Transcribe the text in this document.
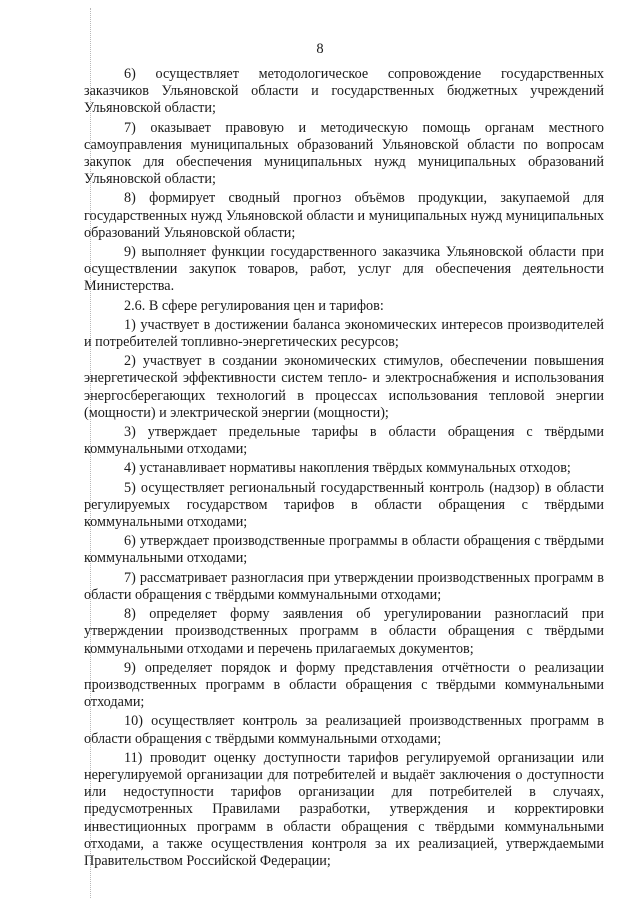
8

6) осуществляет методологическое сопровождение государственных заказчиков Ульяновской области и государственных бюджетных учреждений Ульяновской области;

7) оказывает правовую и методическую помощь органам местного самоуправления муниципальных образований Ульяновской области по вопросам закупок для обеспечения муниципальных нужд муниципальных образований Ульяновской области;

8) формирует сводный прогноз объёмов продукции, закупаемой для государственных нужд Ульяновской области и муниципальных нужд муниципальных образований Ульяновской области;

9) выполняет функции государственного заказчика Ульяновской области при осуществлении закупок товаров, работ, услуг для обеспечения деятельности Министерства.

2.6. В сфере регулирования цен и тарифов:

1) участвует в достижении баланса экономических интересов производителей и потребителей топливно-энергетических ресурсов;

2) участвует в создании экономических стимулов, обеспечении повышения энергетической эффективности систем тепло- и электроснабжения и использования энергосберегающих технологий в процессах использования тепловой энергии (мощности) и электрической энергии (мощности);

3) утверждает предельные тарифы в области обращения с твёрдыми коммунальными отходами;

4) устанавливает нормативы накопления твёрдых коммунальных отходов;

5) осуществляет региональный государственный контроль (надзор) в области регулируемых государством тарифов в области обращения с твёрдыми коммунальными отходами;

6) утверждает производственные программы в области обращения с твёрдыми коммунальными отходами;

7) рассматривает разногласия при утверждении производственных программ в области обращения с твёрдыми коммунальными отходами;

8) определяет форму заявления об урегулировании разногласий при утверждении производственных программ в области обращения с твёрдыми коммунальными отходами и перечень прилагаемых документов;

9) определяет порядок и форму представления отчётности о реализации производственных программ в области обращения с твёрдыми коммунальными отходами;

10) осуществляет контроль за реализацией производственных программ в области обращения с твёрдыми коммунальными отходами;

11) проводит оценку доступности тарифов регулируемой организации или нерегулируемой организации для потребителей и выдаёт заключения о доступности или недоступности тарифов организации для потребителей в случаях, предусмотренных Правилами разработки, утверждения и корректировки инвестиционных программ в области обращения с твёрдыми коммунальными отходами, а также осуществления контроля за их реализацией, утверждаемыми Правительством Российской Федерации;
